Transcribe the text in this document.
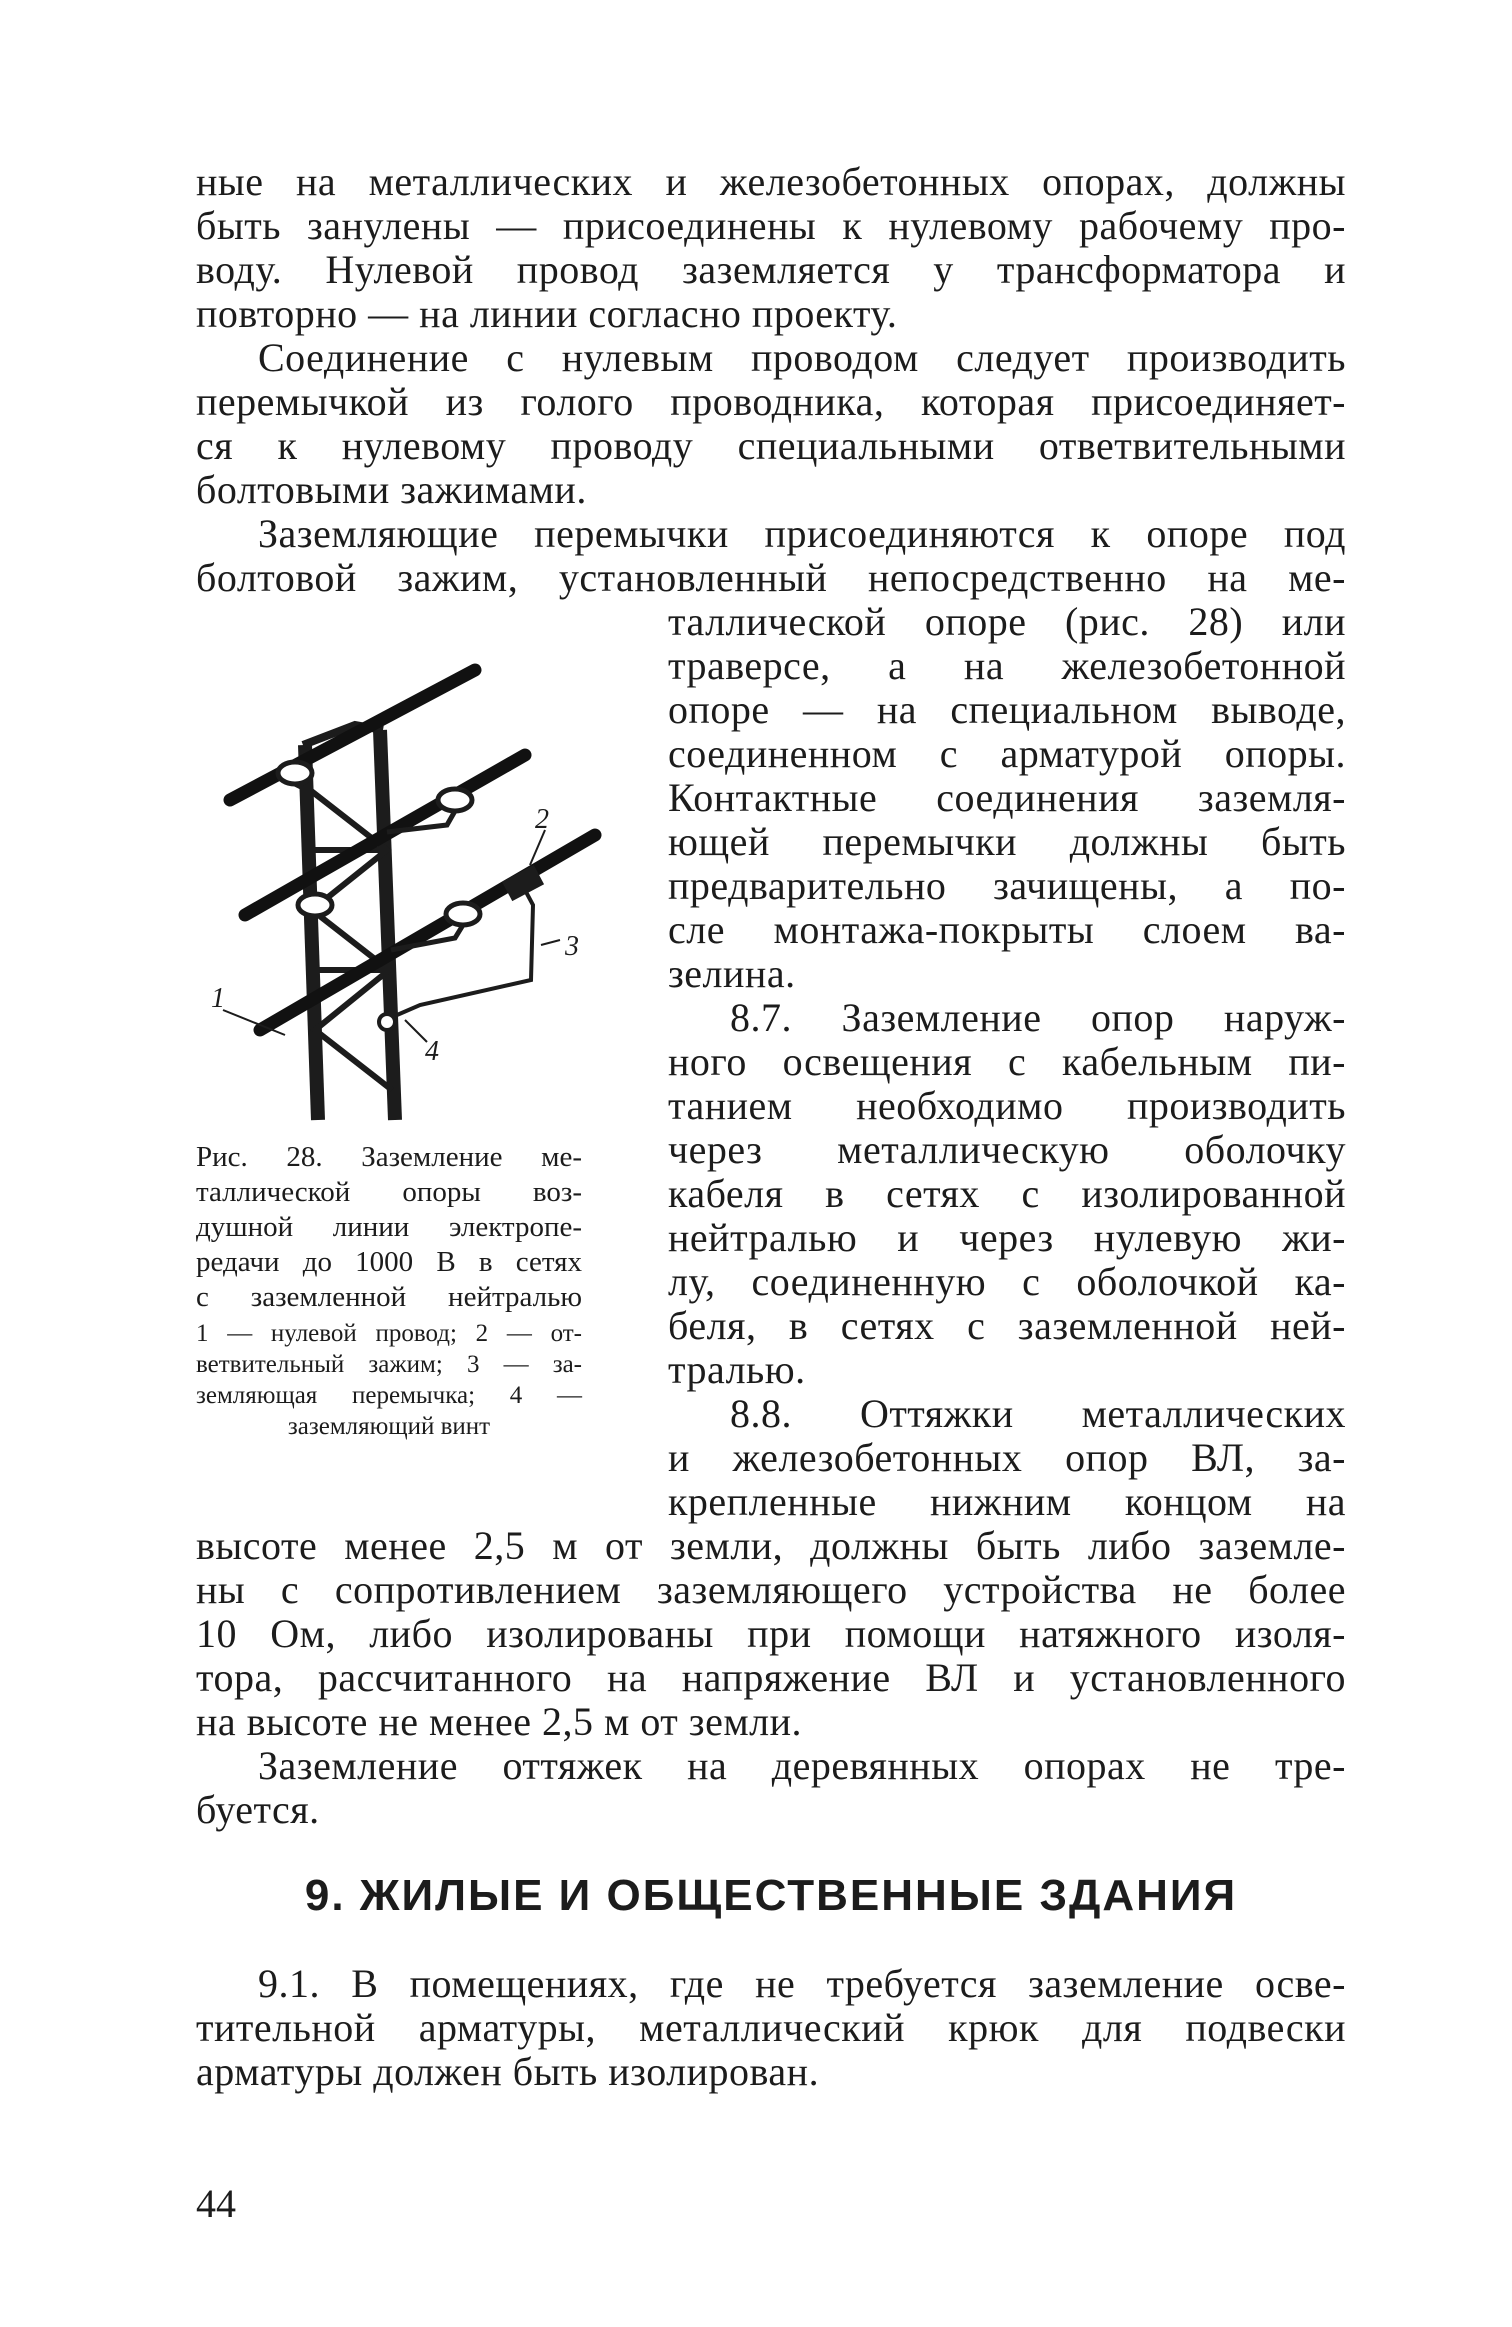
ные на металлических и железобетонных опорах, должны
быть занулены — присоединены к нулевому рабочему про-
воду. Нулевой провод заземляется у трансформатора и
повторно — на линии согласно проекту.
Соединение с нулевым проводом следует производить
перемычкой из голого проводника, которая присоединяет-
ся к нулевому проводу специальными ответвительными
болтовыми зажимами.
Заземляющие перемычки присоединяются к опоре под
болтовой зажим, установленный непосредственно на ме-
таллической опоре (рис. 28) или
траверсе, а на железобетонной
опоре — на специальном выводе,
соединенном с арматурой опоры.
Контактные соединения заземля-
ющей перемычки должны быть
предварительно зачищены, а по-
сле монтажа-покрыты слоем ва-
зелина.
8.7. Заземление опор наруж-
ного освещения с кабельным пи-
танием необходимо производить
через металлическую оболочку
кабеля в сетях с изолированной
нейтралью и через нулевую жи-
лу, соединенную с оболочкой ка-
беля, в сетях с заземленной ней-
тралью.
8.8. Оттяжки металлических
и железобетонных опор ВЛ, за-
крепленные нижним концом на
высоте менее 2,5 м от земли, должны быть либо заземле-
ны с сопротивлением заземляющего устройства не более
10 Ом, либо изолированы при помощи натяжного изоля-
тора, рассчитанного на напряжение ВЛ и установленного
на высоте не менее 2,5 м от земли.
Заземление оттяжек на деревянных опорах не тре-
буется.
9. ЖИЛЫЕ И ОБЩЕСТВЕННЫЕ ЗДАНИЯ
9.1. В помещениях, где не требуется заземление осве-
тительной арматуры, металлический крюк для подвески
арматуры должен быть изолирован.
44
1
2
3
4
Рис. 28. Заземление ме-
таллической опоры воз-
душной линии электропе-
редачи до 1000 В в сетях
с заземленной нейтралью
1 — нулевой провод; 2 — от-
ветвительный зажим; 3 — за-
земляющая перемычка; 4 —
заземляющий винт
